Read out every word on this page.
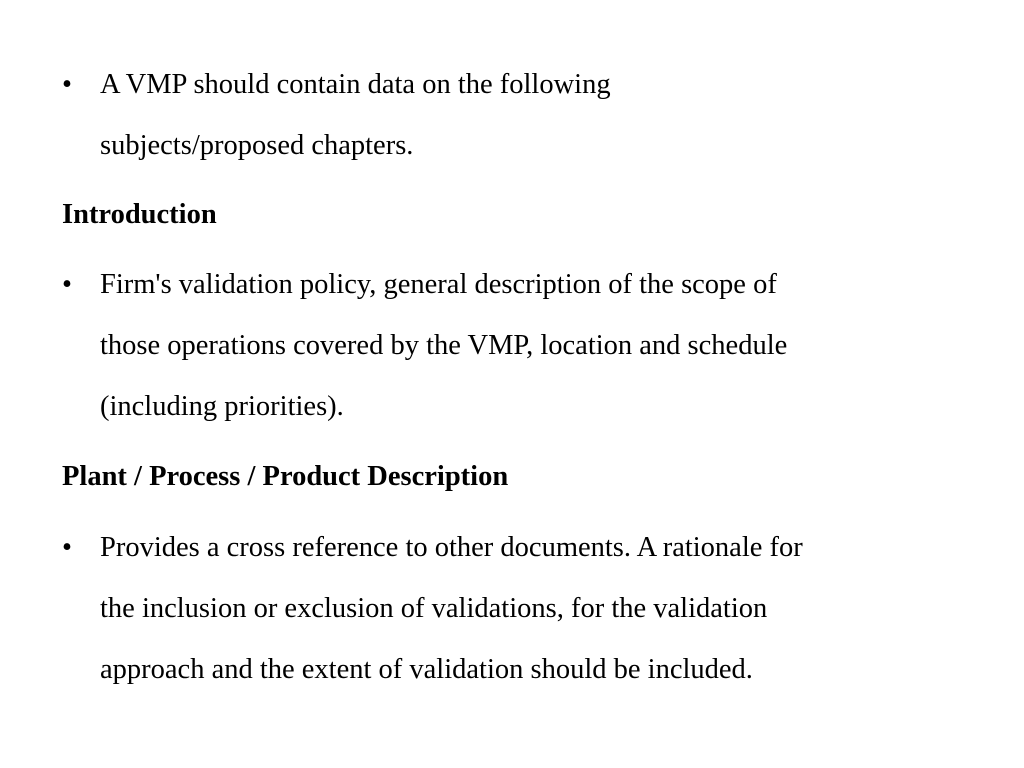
• A VMP should contain data on the following
subjects/proposed chapters.
Introduction
• Firm's validation policy, general description of the scope of
those operations covered by the VMP, location and schedule
(including priorities).
Plant / Process / Product Description
• Provides a cross reference to other documents. A rationale for
the inclusion or exclusion of validations, for the validation
approach and the extent of validation should be included.
